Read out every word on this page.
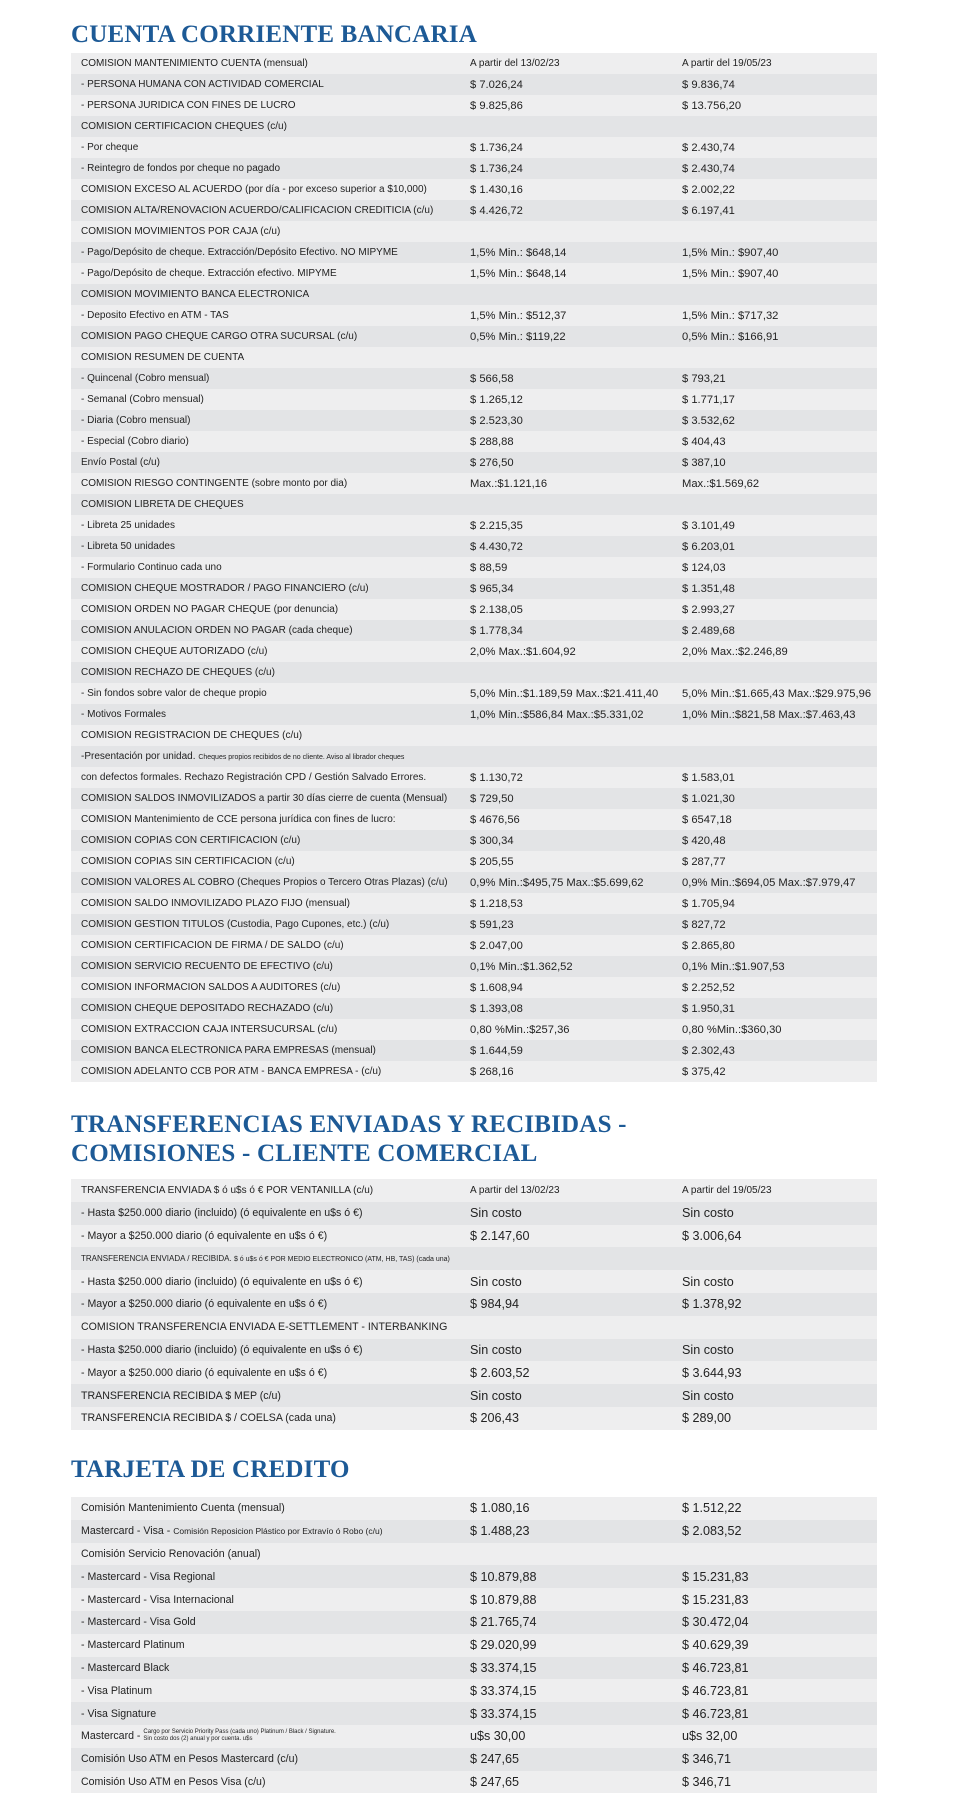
CUENTA CORRIENTE BANCARIA
COMISION MANTENIMIENTO CUENTA (mensual)	A partir del 13/02/23	A partir del 19/05/23
- PERSONA HUMANA CON ACTIVIDAD COMERCIAL	$ 7.026,24	$ 9.836,74
- PERSONA JURIDICA CON FINES DE LUCRO	$ 9.825,86	$ 13.756,20
COMISION CERTIFICACION CHEQUES (c/u)		
- Por cheque	$ 1.736,24	$ 2.430,74
- Reintegro de fondos por cheque no pagado	$ 1.736,24	$ 2.430,74
COMISION EXCESO AL ACUERDO (por día - por exceso superior a $10,000)	$ 1.430,16	$ 2.002,22
COMISION ALTA/RENOVACION ACUERDO/CALIFICACION CREDITICIA (c/u)	$ 4.426,72	$ 6.197,41
COMISION MOVIMIENTOS POR CAJA (c/u)		
- Pago/Depósito de cheque. Extracción/Depósito Efectivo. NO MIPYME	1,5% Min.: $648,14	1,5% Min.: $907,40
- Pago/Depósito de cheque. Extracción efectivo. MIPYME	1,5% Min.: $648,14	1,5% Min.: $907,40
COMISION MOVIMIENTO BANCA ELECTRONICA		
- Deposito Efectivo en ATM - TAS	1,5% Min.: $512,37	1,5% Min.: $717,32
COMISION PAGO CHEQUE CARGO OTRA SUCURSAL (c/u)	0,5% Min.: $119,22	0,5% Min.: $166,91
COMISION RESUMEN DE CUENTA		
- Quincenal (Cobro mensual)	$ 566,58	$ 793,21
- Semanal (Cobro mensual)	$ 1.265,12	$ 1.771,17
- Diaria (Cobro mensual)	$ 2.523,30	$ 3.532,62
- Especial (Cobro diario)	$ 288,88	$ 404,43
Envío Postal (c/u)	$ 276,50	$ 387,10
COMISION RIESGO CONTINGENTE (sobre monto por dia)	Max.:$1.121,16	Max.:$1.569,62
COMISION LIBRETA DE CHEQUES		
- Libreta 25 unidades	$ 2.215,35	$ 3.101,49
- Libreta 50 unidades	$ 4.430,72	$ 6.203,01
- Formulario Continuo cada uno	$ 88,59	$ 124,03
COMISION CHEQUE MOSTRADOR / PAGO FINANCIERO (c/u)	$ 965,34	$ 1.351,48
COMISION ORDEN NO PAGAR CHEQUE (por denuncia)	$ 2.138,05	$ 2.993,27
COMISION ANULACION ORDEN NO PAGAR (cada cheque)	$ 1.778,34	$ 2.489,68
COMISION CHEQUE AUTORIZADO (c/u)	2,0% Max.:$1.604,92	2,0% Max.:$2.246,89
COMISION RECHAZO DE CHEQUES (c/u)		
- Sin fondos sobre valor de cheque propio	5,0% Min.:$1.189,59 Max.:$21.411,40	5,0% Min.:$1.665,43 Max.:$29.975,96
- Motivos Formales	1,0% Min.:$586,84 Max.:$5.331,02	1,0% Min.:$821,58 Max.:$7.463,43
COMISION REGISTRACION DE CHEQUES (c/u)		
-Presentación por unidad. Cheques propios recibidos de no cliente. Aviso al librador cheques		
con defectos formales. Rechazo Registración CPD / Gestión Salvado Errores.	$ 1.130,72	$ 1.583,01
COMISION SALDOS INMOVILIZADOS a partir 30 días cierre de cuenta (Mensual)	$ 729,50	$ 1.021,30
COMISION Mantenimiento de CCE persona jurídica con fines de lucro:	$ 4676,56	$ 6547,18
COMISION COPIAS CON CERTIFICACION (c/u)	$ 300,34	$ 420,48
COMISION COPIAS SIN CERTIFICACION (c/u)	$ 205,55	$ 287,77
COMISION VALORES AL COBRO (Cheques Propios o Tercero Otras Plazas) (c/u)	0,9% Min.:$495,75 Max.:$5.699,62	0,9% Min.:$694,05 Max.:$7.979,47
COMISION SALDO INMOVILIZADO PLAZO FIJO (mensual)	$ 1.218,53	$ 1.705,94
COMISION GESTION TITULOS (Custodia, Pago Cupones, etc.) (c/u)	$ 591,23	$ 827,72
COMISION CERTIFICACION DE FIRMA / DE SALDO (c/u)	$ 2.047,00	$ 2.865,80
COMISION SERVICIO RECUENTO DE EFECTIVO (c/u)	0,1% Min.:$1.362,52	0,1% Min.:$1.907,53
COMISION INFORMACION SALDOS A AUDITORES (c/u)	$ 1.608,94	$ 2.252,52
COMISION CHEQUE DEPOSITADO RECHAZADO (c/u)	$ 1.393,08	$ 1.950,31
COMISION EXTRACCION CAJA INTERSUCURSAL (c/u)	0,80 %Min.:$257,36	0,80 %Min.:$360,30
COMISION BANCA ELECTRONICA PARA EMPRESAS (mensual)	$ 1.644,59	$ 2.302,43
COMISION ADELANTO CCB POR ATM - BANCA EMPRESA - (c/u)	$ 268,16	$ 375,42
TRANSFERENCIAS ENVIADAS Y RECIBIDAS -
COMISIONES - CLIENTE COMERCIAL
TRANSFERENCIA ENVIADA $ ó u$s ó € POR VENTANILLA (c/u)	A partir del 13/02/23	A partir del 19/05/23
- Hasta $250.000 diario (incluido) (ó equivalente en u$s ó €)	Sin costo	Sin costo
- Mayor a $250.000 diario (ó equivalente en u$s ó €)	$ 2.147,60	$ 3.006,64
TRANSFERENCIA ENVIADA / RECIBIDA. $ ó u$s ó € POR MEDIO ELECTRONICO (ATM, HB, TAS) (cada una)		
- Hasta $250.000 diario (incluido) (ó equivalente en u$s ó €)	Sin costo	Sin costo
- Mayor a $250.000 diario (ó equivalente en u$s ó €)	$ 984,94	$ 1.378,92
COMISION TRANSFERENCIA ENVIADA E-SETTLEMENT - INTERBANKING		
- Hasta $250.000 diario (incluido) (ó equivalente en u$s ó €)	Sin costo	Sin costo
- Mayor a $250.000 diario (ó equivalente en u$s ó €)	$ 2.603,52	$ 3.644,93
TRANSFERENCIA RECIBIDA $ MEP (c/u)	Sin costo	Sin costo
TRANSFERENCIA RECIBIDA $ / COELSA (cada una)	$ 206,43	$ 289,00
TARJETA DE CREDITO
Comisión Mantenimiento Cuenta (mensual)	$ 1.080,16	$ 1.512,22
Mastercard - Visa - Comisión Reposicion Plástico por Extravío ó Robo (c/u)	$ 1.488,23	$ 2.083,52
Comisión Servicio Renovación (anual)		
- Mastercard - Visa Regional	$ 10.879,88	$ 15.231,83
- Mastercard - Visa Internacional	$ 10.879,88	$ 15.231,83
- Mastercard - Visa Gold	$ 21.765,74	$ 30.472,04
- Mastercard Platinum	$ 29.020,99	$ 40.629,39
- Mastercard Black	$ 33.374,15	$ 46.723,81
- Visa Platinum	$ 33.374,15	$ 46.723,81
- Visa Signature	$ 33.374,15	$ 46.723,81
Mastercard - Cargo por Servicio Priority Pass (cada uno) Platinum / Black / Signature.
Sin costo dos (2) anual y por cuenta. u$s	u$s 30,00	u$s 32,00
Comisión Uso ATM en Pesos Mastercard (c/u)	$ 247,65	$ 346,71
Comisión Uso ATM en Pesos Visa (c/u)	$ 247,65	$ 346,71
